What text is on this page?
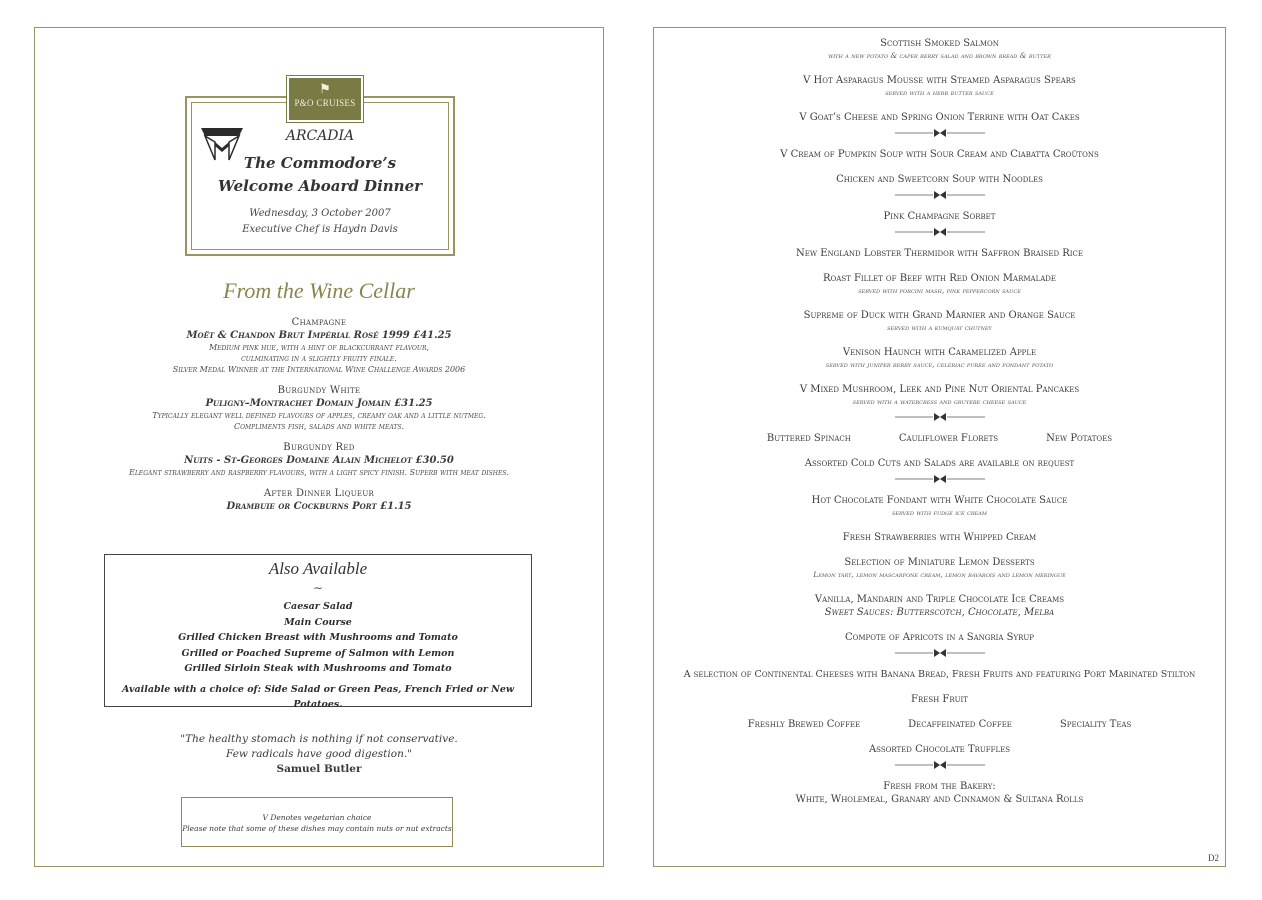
⚑
P&O CRUISES
ARCADIA
The Commodore’s
Welcome Aboard Dinner
Wednesday, 3 October 2007
Executive Chef is Haydn Davis
From the Wine Cellar
Champagne
Moët & Chandon Brut Impérial Rosé 1999 £41.25
Medium pink hue, with a hint of blackcurrant flavour,
culminating in a slightly fruity finale.
Silver Medal Winner at the International Wine Challenge Awards 2006
Burgundy White
Puligny–Montrachet Domain Jomain £31.25
Typically elegant well defined flavours of apples, creamy oak and a little nutmeg.
Compliments fish, salads and white meats.
Burgundy Red
Nuits - St-Georges Domaine Alain Michelot £30.50
Elegant strawberry and raspberry flavours, with a light spicy finish. Superb with meat dishes.
After Dinner Liqueur
Drambuie or Cockburns Port £1.15
Also Available
∼
Caesar Salad
Main Course
Grilled Chicken Breast with Mushrooms and Tomato
Grilled or Poached Supreme of Salmon with Lemon
Grilled Sirloin Steak with Mushrooms and Tomato
Available with a choice of: Side Salad or Green Peas, French Fried or New Potatoes.
"The healthy stomach is nothing if not conservative.
Few radicals have good digestion."
Samuel Butler
V Denotes vegetarian choice
Please note that some of these dishes may contain nuts or nut extracts
Scottish Smoked Salmon
with a new potato & caper berry salad and brown bread & butter
V Hot Asparagus Mousse with Steamed Asparagus Spears
served with a herb butter sauce
V Goat’s Cheese and Spring Onion Terrine with Oat Cakes
V Cream of Pumpkin Soup with Sour Cream and Ciabatta Croûtons
Chicken and Sweetcorn Soup with Noodles
Pink Champagne Sorbet
New England Lobster Thermidor with Saffron Braised Rice
Roast Fillet of Beef with Red Onion Marmalade
served with porcini mash, pink peppercorn sauce
Supreme of Duck with Grand Marnier and Orange Sauce
served with a kumquat chutney
Venison Haunch with Caramelized Apple
served with juniper berry sauce, celeriac purée and fondant potato
V Mixed Mushroom, Leek and Pine Nut Oriental Pancakes
served with a watercress and gruyere cheese sauce
Buttered Spinach	Cauliflower Florets	New Potatoes
Assorted Cold Cuts and Salads are available on request
Hot Chocolate Fondant with White Chocolate Sauce
served with fudge ice cream
Fresh Strawberries with Whipped Cream
Selection of Miniature Lemon Desserts
Lemon tart, lemon mascarpone cream, lemon bavarois and lemon meringue
Vanilla, Mandarin and Triple Chocolate Ice Creams
Sweet Sauces: Butterscotch, Chocolate, Melba
Compote of Apricots in a Sangria Syrup
A selection of Continental Cheeses with Banana Bread, Fresh Fruits and featuring Port Marinated Stilton
Fresh Fruit
Freshly Brewed Coffee	Decaffeinated Coffee	Speciality Teas
Assorted Chocolate Truffles
Fresh from the Bakery:
White, Wholemeal, Granary and Cinnamon & Sultana Rolls
D2
